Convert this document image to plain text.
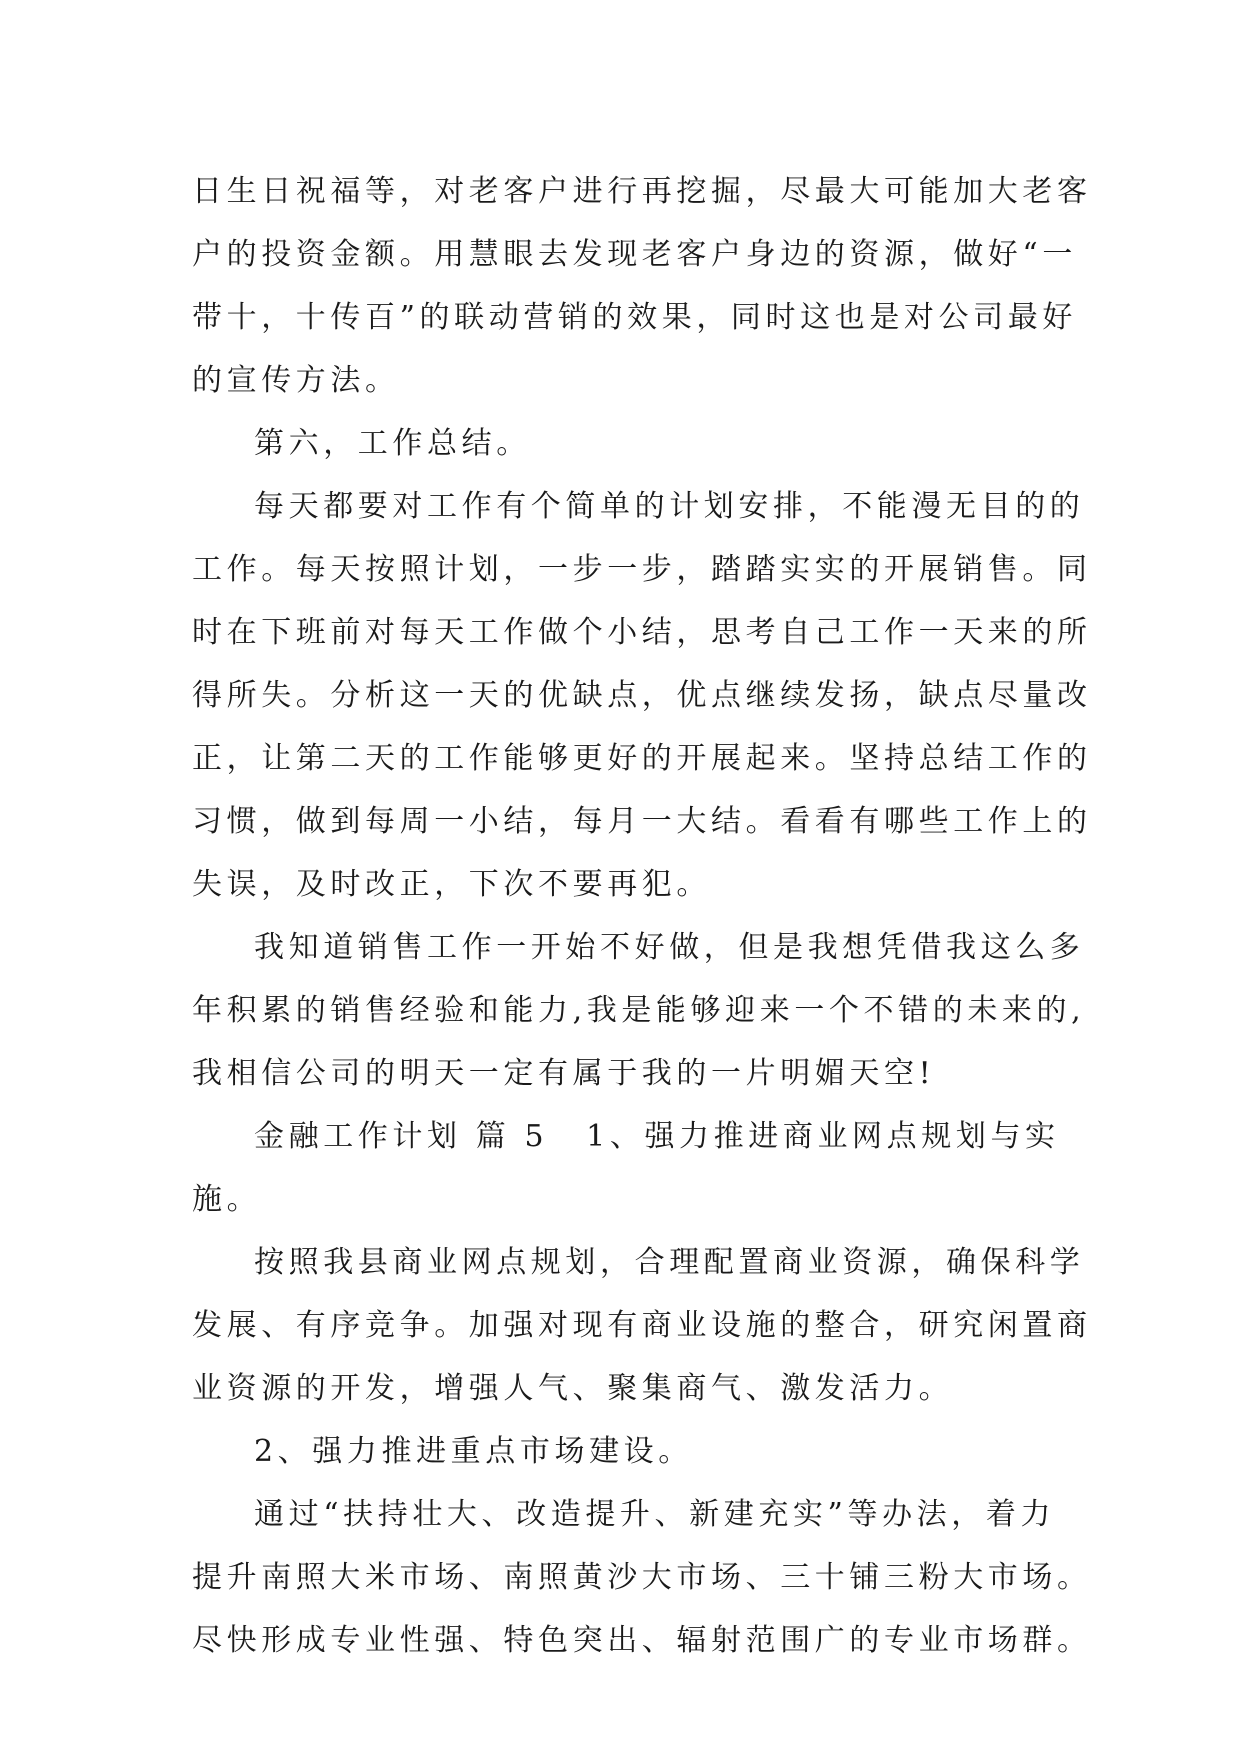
日生日祝福等，对老客户进行再挖掘，尽最大可能加大老客
户的投资金额。用慧眼去发现老客户身边的资源，做好“一
带十，十传百”的联动营销的效果，同时这也是对公司最好
的宣传方法。
第六，工作总结。
每天都要对工作有个简单的计划安排，不能漫无目的的
工作。每天按照计划，一步一步，踏踏实实的开展销售。同
时在下班前对每天工作做个小结，思考自己工作一天来的所
得所失。分析这一天的优缺点，优点继续发扬，缺点尽量改
正，让第二天的工作能够更好的开展起来。坚持总结工作的
习惯，做到每周一小结，每月一大结。看看有哪些工作上的
失误，及时改正，下次不要再犯。
我知道销售工作一开始不好做，但是我想凭借我这么多
年积累的销售经验和能力,我是能够迎来一个不错的未来的,
我相信公司的明天一定有属于我的一片明媚天空!
金融工作计划 篇 5 1、强力推进商业网点规划与实
施。
按照我县商业网点规划，合理配置商业资源，确保科学
发展、有序竞争。加强对现有商业设施的整合，研究闲置商
业资源的开发，增强人气、聚集商气、激发活力。
2、强力推进重点市场建设。
通过“扶持壮大、改造提升、新建充实”等办法，着力
提升南照大米市场、南照黄沙大市场、三十铺三粉大市场。
尽快形成专业性强、特色突出、辐射范围广的专业市场群。
